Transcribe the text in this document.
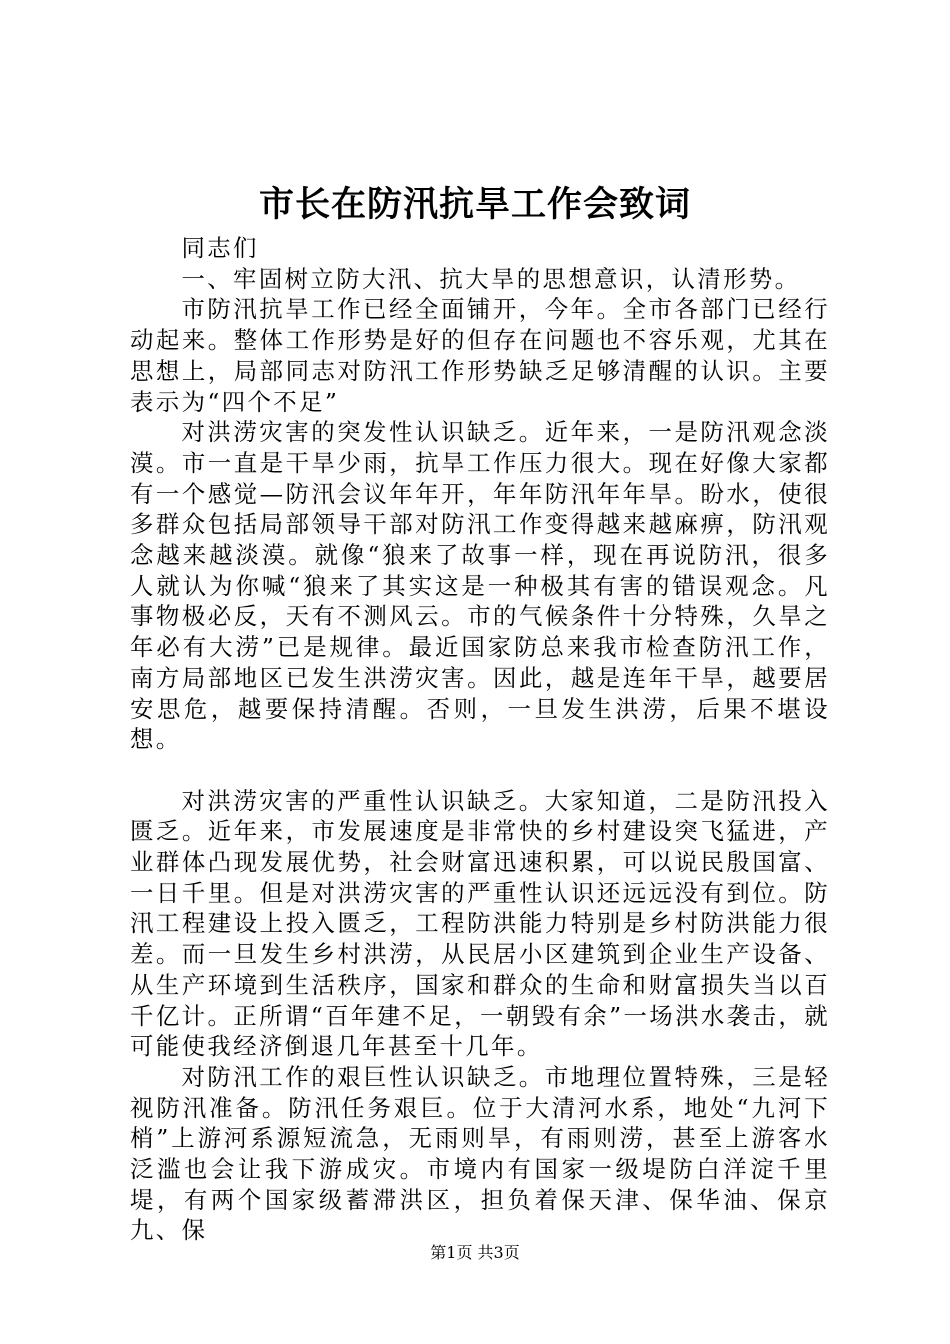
市长在防汛抗旱工作会致词

同志们

一、牢固树立防大汛、抗大旱的思想意识，认清形势。

市防汛抗旱工作已经全面铺开，今年。全市各部门已经行动起来。整体工作形势是好的但存在问题也不容乐观，尤其在思想上，局部同志对防汛工作形势缺乏足够清醒的认识。主要表示为“四个不足”

对洪涝灾害的突发性认识缺乏。近年来，一是防汛观念淡漠。市一直是干旱少雨，抗旱工作压力很大。现在好像大家都有一个感觉—防汛会议年年开，年年防汛年年旱。盼水，使很多群众包括局部领导干部对防汛工作变得越来越麻痹，防汛观念越来越淡漠。就像“狼来了故事一样，现在再说防汛，很多人就认为你喊“狼来了其实这是一种极其有害的错误观念。凡事物极必反，天有不测风云。市的气候条件十分特殊，久旱之年必有大涝”已是规律。最近国家防总来我市检查防汛工作，南方局部地区已发生洪涝灾害。因此，越是连年干旱，越要居安思危，越要保持清醒。否则，一旦发生洪涝，后果不堪设想。

对洪涝灾害的严重性认识缺乏。大家知道，二是防汛投入匮乏。近年来，市发展速度是非常快的乡村建设突飞猛进，产业群体凸现发展优势，社会财富迅速积累，可以说民殷国富、一日千里。但是对洪涝灾害的严重性认识还远远没有到位。防汛工程建设上投入匮乏，工程防洪能力特别是乡村防洪能力很差。而一旦发生乡村洪涝，从民居小区建筑到企业生产设备、从生产环境到生活秩序，国家和群众的生命和财富损失当以百千亿计。正所谓“百年建不足，一朝毁有余”一场洪水袭击，就可能使我经济倒退几年甚至十几年。

对防汛工作的艰巨性认识缺乏。市地理位置特殊，三是轻视防汛准备。防汛任务艰巨。位于大清河水系，地处“九河下梢”上游河系源短流急，无雨则旱，有雨则涝，甚至上游客水泛滥也会让我下游成灾。市境内有国家一级堤防白洋淀千里堤，有两个国家级蓄滞洪区，担负着保天津、保华油、保京九、保

第1页 共3页
